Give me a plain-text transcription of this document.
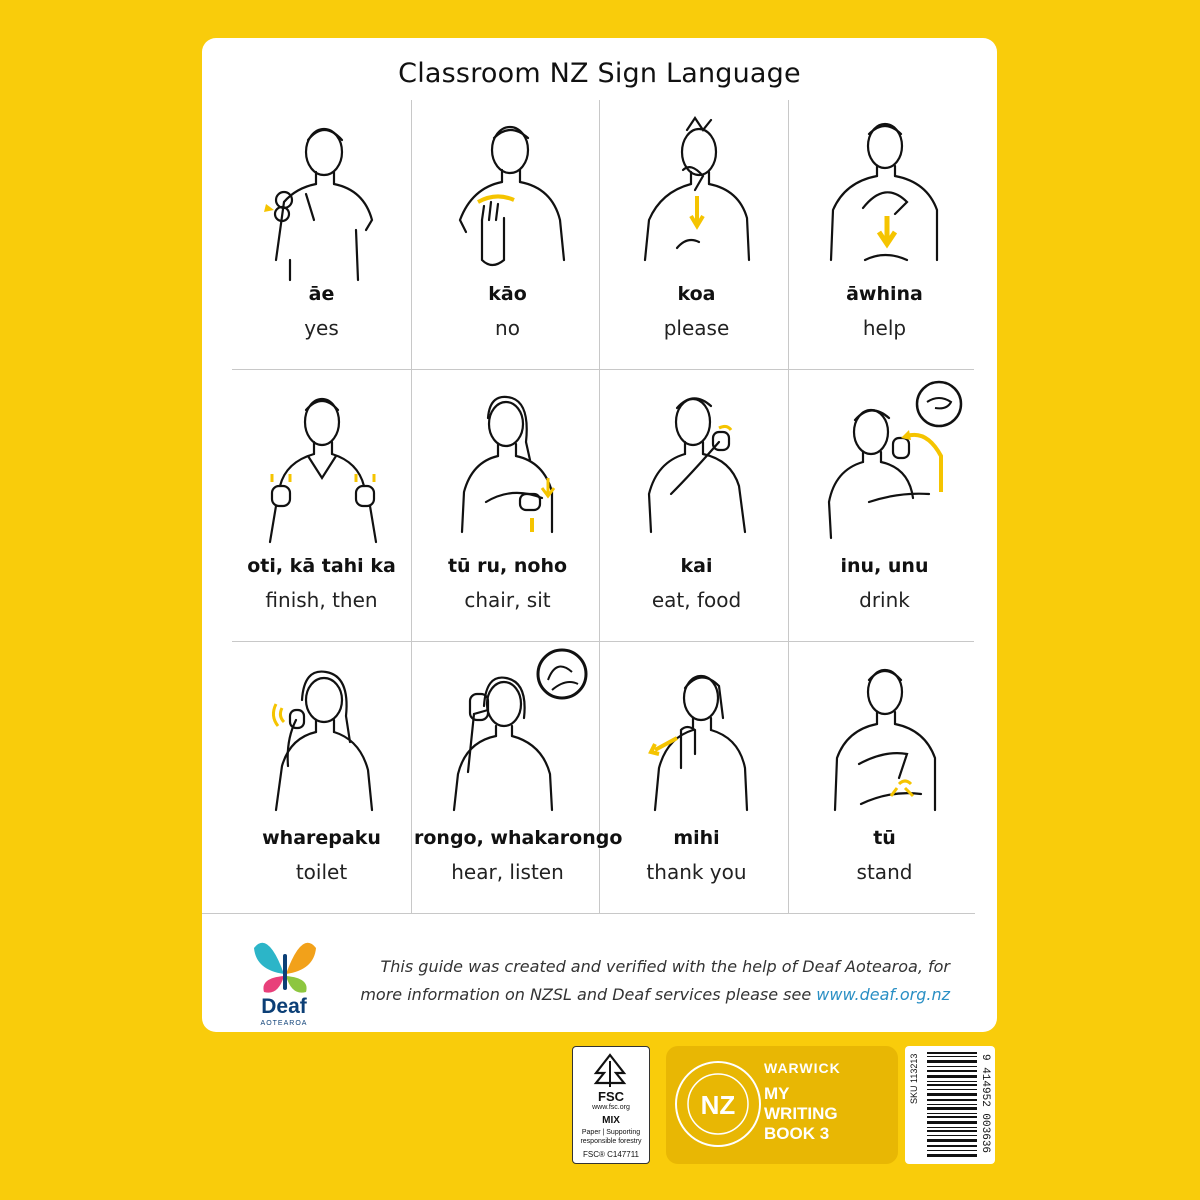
Classroom NZ Sign Language
āe
yes
kāo
no
koa
please
āwhina
help
oti, kā tahi ka
finish, then
tū ru, noho
chair, sit
kai
eat, food
inu, unu
drink
wharepaku
toilet
rongo, whakarongo
hear, listen
mihi
thank you
tū
stand
Deaf
AOTEAROA
This guide was created and verified with the help of Deaf Aotearoa, for
more information on NZSL and Deaf services please see www.deaf.org.nz
FSC
www.fsc.org
MIX
Paper | Supporting
responsible forestry
FSC® C147711
NZ
WARWICK
MY
WRITING
BOOK 3
SKU 113213	9 414952 003636
